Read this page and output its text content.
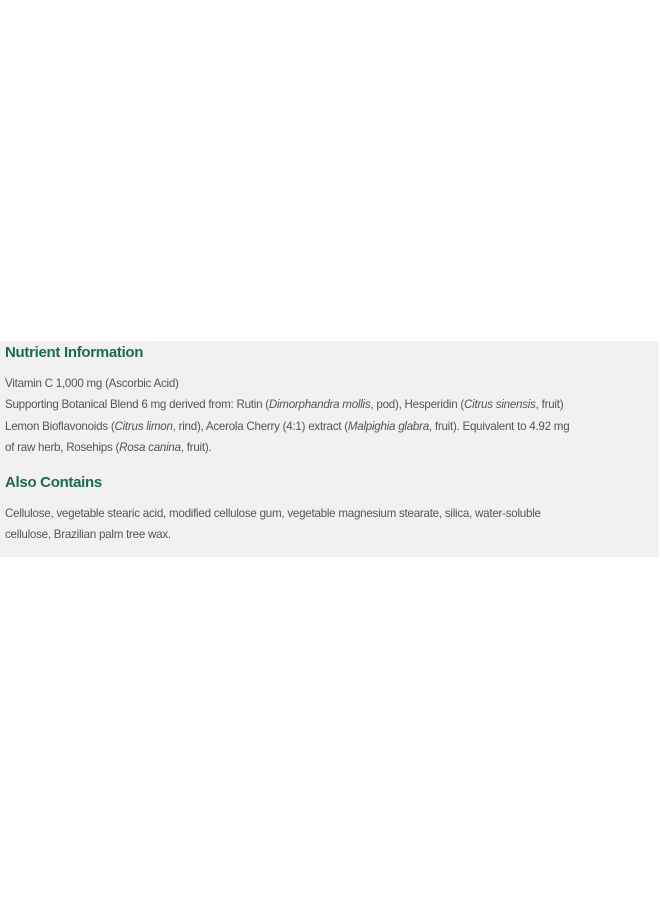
Nutrient Information
Vitamin C 1,000 mg (Ascorbic Acid)
Supporting Botanical Blend 6 mg derived from: Rutin (Dimorphandra mollis, pod), Hesperidin (Citrus sinensis, fruit)
Lemon Bioflavonoids (Citrus limon, rind), Acerola Cherry (4:1) extract (Malpighia glabra, fruit). Equivalent to 4.92 mg
of raw herb, Rosehips (Rosa canina, fruit).
Also Contains
Cellulose, vegetable stearic acid, modified cellulose gum, vegetable magnesium stearate, silica, water-soluble
cellulose, Brazilian palm tree wax.
